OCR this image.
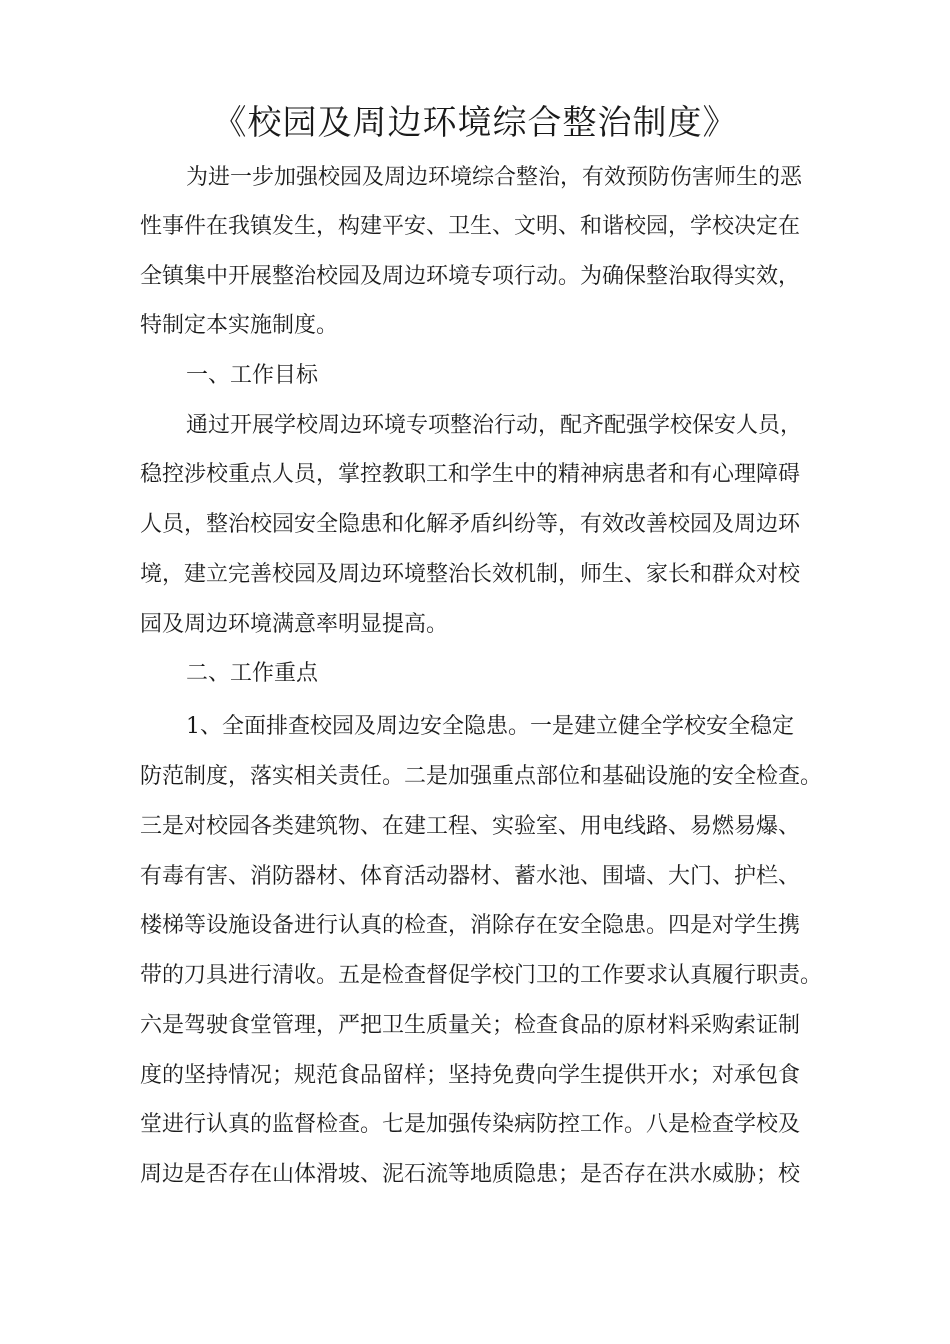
《校园及周边环境综合整治制度》
为进一步加强校园及周边环境综合整治，有效预防伤害师生的恶
性事件在我镇发生，构建平安、卫生、文明、和谐校园，学校决定在
全镇集中开展整治校园及周边环境专项行动。为确保整治取得实效，
特制定本实施制度。
一、工作目标
通过开展学校周边环境专项整治行动，配齐配强学校保安人员，
稳控涉校重点人员，掌控教职工和学生中的精神病患者和有心理障碍
人员，整治校园安全隐患和化解矛盾纠纷等，有效改善校园及周边环
境，建立完善校园及周边环境整治长效机制，师生、家长和群众对校
园及周边环境满意率明显提高。
二、工作重点
1、全面排查校园及周边安全隐患。一是建立健全学校安全稳定
防范制度，落实相关责任。二是加强重点部位和基础设施的安全检查。
三是对校园各类建筑物、在建工程、实验室、用电线路、易燃易爆、
有毒有害、消防器材、体育活动器材、蓄水池、围墙、大门、护栏、
楼梯等设施设备进行认真的检查，消除存在安全隐患。四是对学生携
带的刀具进行清收。五是检查督促学校门卫的工作要求认真履行职责。
六是驾驶食堂管理，严把卫生质量关；检查食品的原材料采购索证制
度的坚持情况；规范食品留样；坚持免费向学生提供开水；对承包食
堂进行认真的监督检查。七是加强传染病防控工作。八是检查学校及
周边是否存在山体滑坡、泥石流等地质隐患；是否存在洪水威胁；校
